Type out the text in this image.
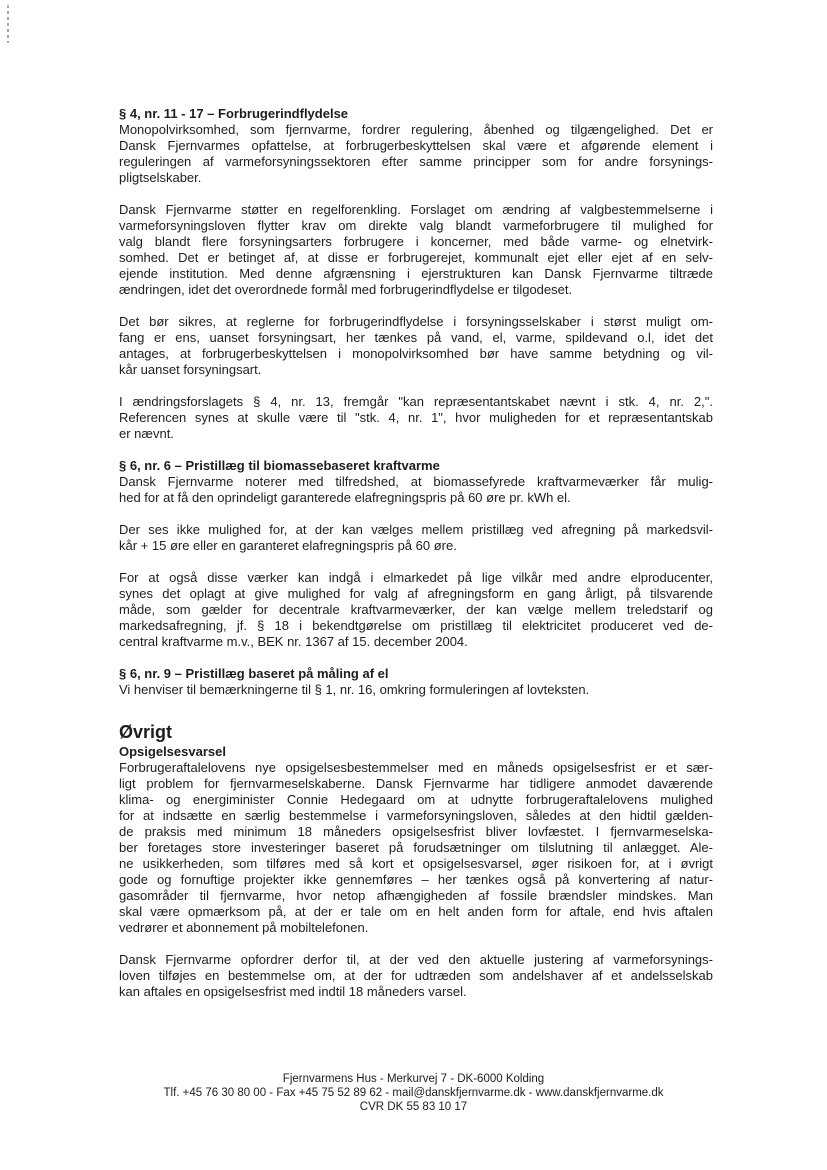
§ 4, nr. 11 - 17 – Forbrugerindflydelse
Monopolvirksomhed, som fjernvarme, fordrer regulering, åbenhed og tilgængelighed. Det er
Dansk Fjernvarmes opfattelse, at forbrugerbeskyttelsen skal være et afgørende element i
reguleringen af varmeforsyningssektoren efter samme principper som for andre forsynings-
pligtselskaber.
Dansk Fjernvarme støtter en regelforenkling. Forslaget om ændring af valgbestemmelserne i
varmeforsyningsloven flytter krav om direkte valg blandt varmeforbrugere til mulighed for
valg blandt flere forsyningsarters forbrugere i koncerner, med både varme- og elnetvirk-
somhed. Det er betinget af, at disse er forbrugerejet, kommunalt ejet eller ejet af en selv-
ejende institution. Med denne afgrænsning i ejerstrukturen kan Dansk Fjernvarme tiltræde
ændringen, idet det overordnede formål med forbrugerindflydelse er tilgodeset.
Det bør sikres, at reglerne for forbrugerindflydelse i forsyningsselskaber i størst muligt om-
fang er ens, uanset forsyningsart, her tænkes på vand, el, varme, spildevand o.l, idet det
antages, at forbrugerbeskyttelsen i monopolvirksomhed bør have samme betydning og vil-
kår uanset forsyningsart.
I ændringsforslagets § 4, nr. 13, fremgår "kan repræsentantskabet nævnt i stk. 4, nr. 2,".
Referencen synes at skulle være til "stk. 4, nr. 1", hvor muligheden for et repræsentantskab
er nævnt.
§ 6, nr. 6 – Pristillæg til biomassebaseret kraftvarme
Dansk Fjernvarme noterer med tilfredshed, at biomassefyrede kraftvarmeværker får mulig-
hed for at få den oprindeligt garanterede elafregningspris på 60 øre pr. kWh el.
Der ses ikke mulighed for, at der kan vælges mellem pristillæg ved afregning på markedsvil-
kår + 15 øre eller en garanteret elafregningspris på 60 øre.
For at også disse værker kan indgå i elmarkedet på lige vilkår med andre elproducenter,
synes det oplagt at give mulighed for valg af afregningsform en gang årligt, på tilsvarende
måde, som gælder for decentrale kraftvarmeværker, der kan vælge mellem treledstarif og
markedsafregning, jf. § 18 i bekendtgørelse om pristillæg til elektricitet produceret ved de-
central kraftvarme m.v., BEK nr. 1367 af 15. december 2004.
§ 6, nr. 9 – Pristillæg baseret på måling af el
Vi henviser til bemærkningerne til § 1, nr. 16, omkring formuleringen af lovteksten.
Øvrigt
Opsigelsesvarsel
Forbrugeraftalelovens nye opsigelsesbestemmelser med en måneds opsigelsesfrist er et sær-
ligt problem for fjernvarmeselskaberne. Dansk Fjernvarme har tidligere anmodet daværende
klima- og energiminister Connie Hedegaard om at udnytte forbrugeraftalelovens mulighed
for at indsætte en særlig bestemmelse i varmeforsyningsloven, således at den hidtil gælden-
de praksis med minimum 18 måneders opsigelsesfrist bliver lovfæstet. I fjernvarmeselska-
ber foretages store investeringer baseret på forudsætninger om tilslutning til anlægget. Ale-
ne usikkerheden, som tilføres med så kort et opsigelsesvarsel, øger risikoen for, at i øvrigt
gode og fornuftige projekter ikke gennemføres – her tænkes også på konvertering af natur-
gasområder til fjernvarme, hvor netop afhængigheden af fossile brændsler mindskes. Man
skal være opmærksom på, at der er tale om en helt anden form for aftale, end hvis aftalen
vedrører et abonnement på mobiltelefonen.
Dansk Fjernvarme opfordrer derfor til, at der ved den aktuelle justering af varmeforsynings-
loven tilføjes en bestemmelse om, at der for udtræden som andelshaver af et andelsselskab
kan aftales en opsigelsesfrist med indtil 18 måneders varsel.
Fjernvarmens Hus - Merkurvej 7 - DK-6000 Kolding
Tlf. +45 76 30 80 00 - Fax +45 75 52 89 62 - mail@danskfjernvarme.dk - www.danskfjernvarme.dk
CVR DK 55 83 10 17
